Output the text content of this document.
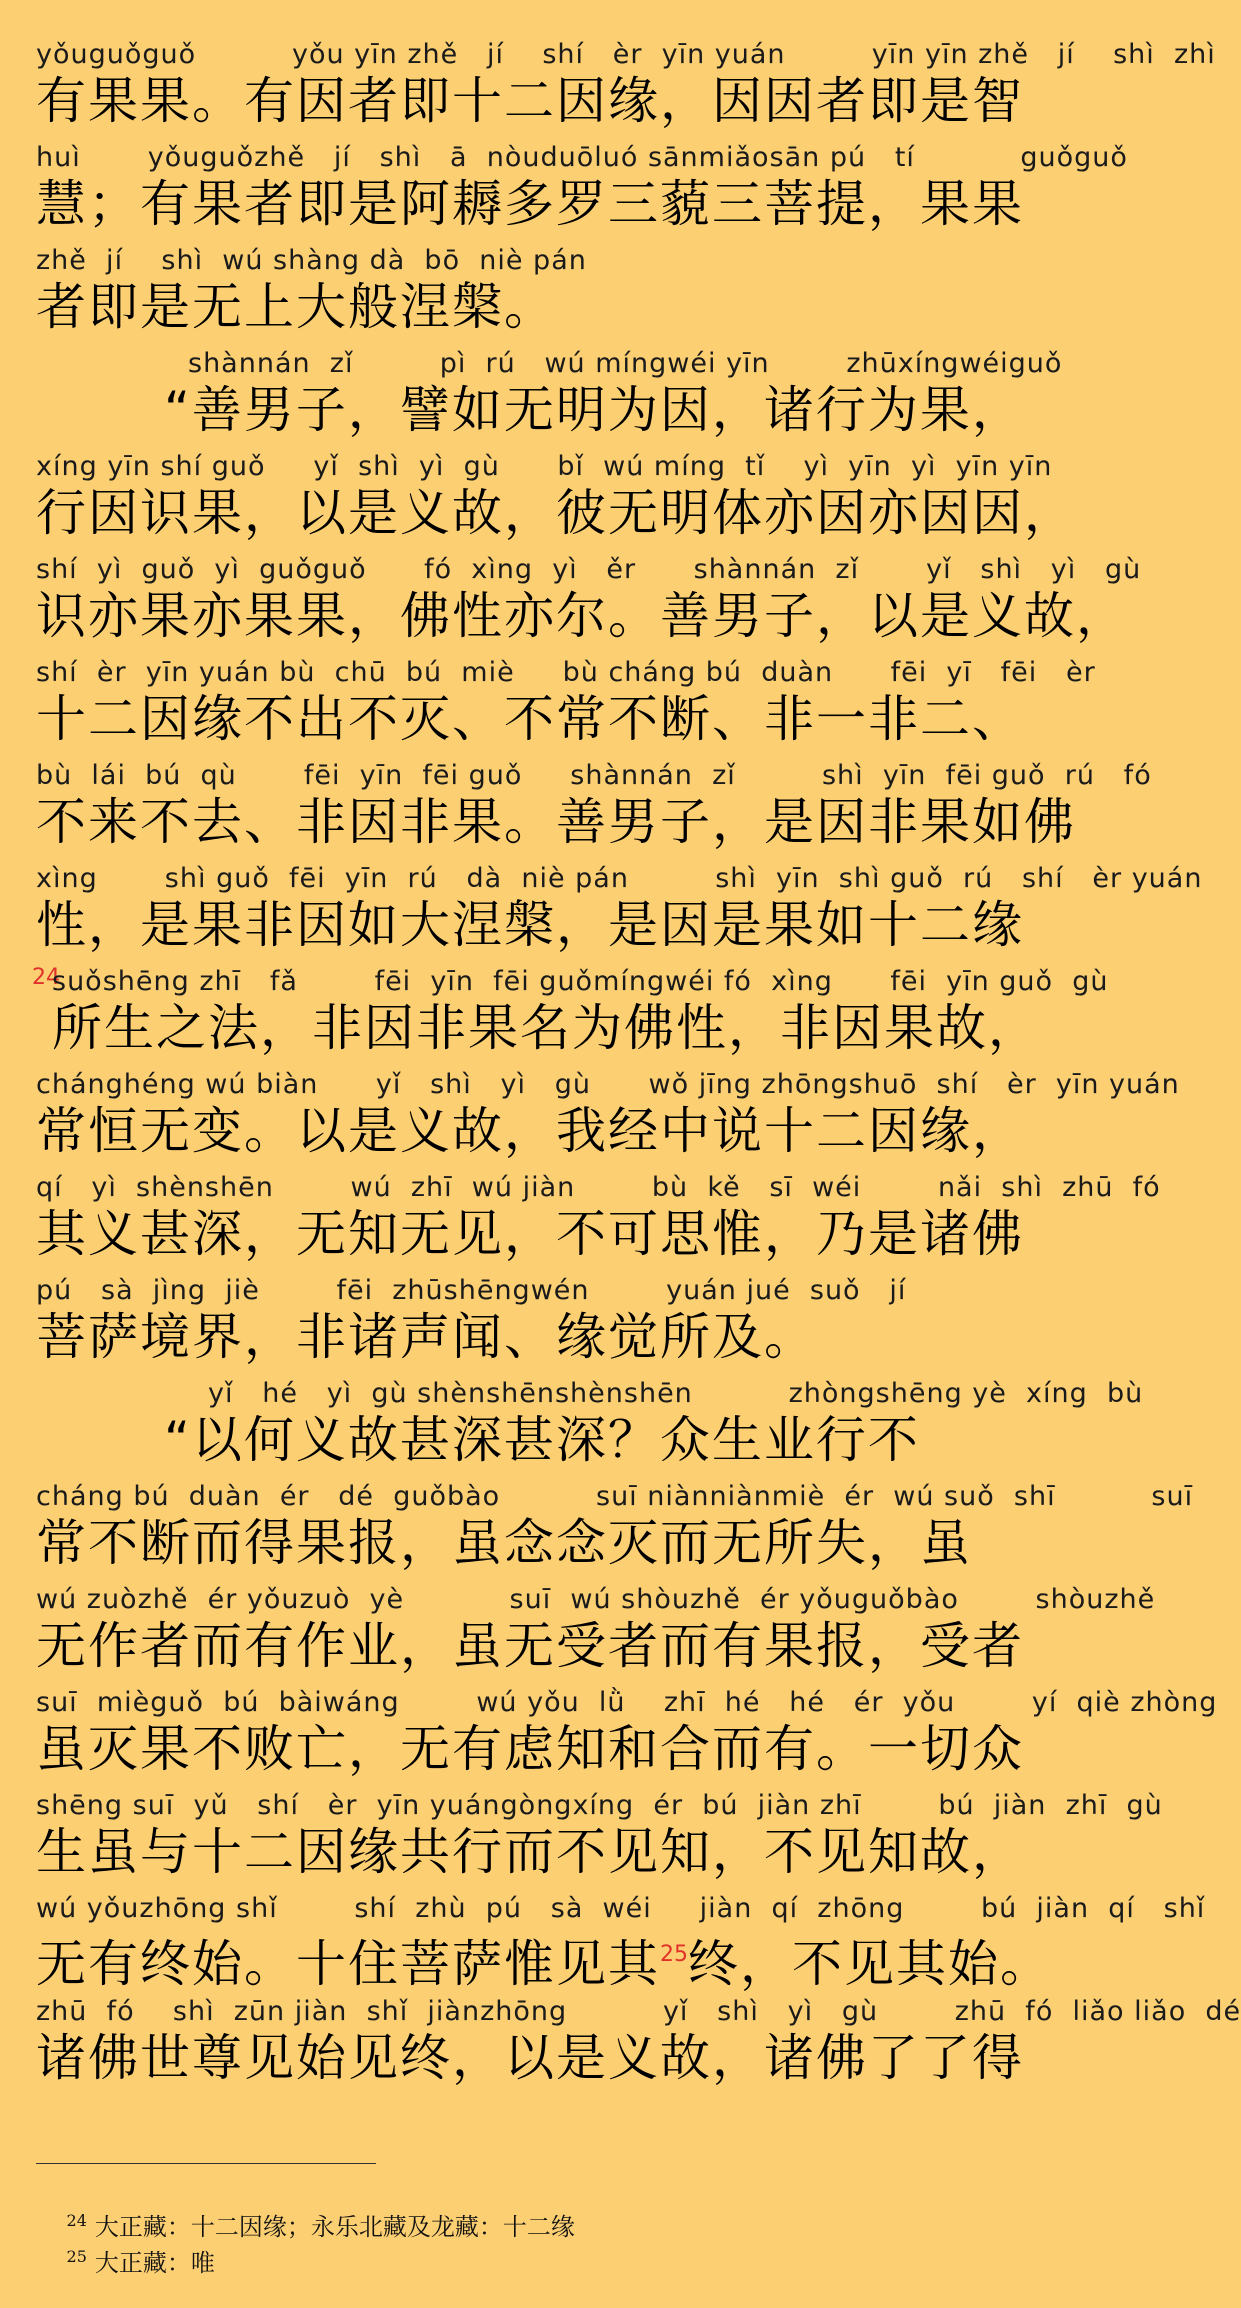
yǒuguǒguǒ          yǒu yīn zhě   jí    shí   èr  yīn yuán         yīn yīn zhě   jí    shì  zhì
有果果。有因者即十二因缘，因因者即是智
huì       yǒuguǒzhě   jí   shì   ā  nòuduōluó sānmiǎosān pú   tí           guǒguǒ
慧；有果者即是阿耨多罗三藐三菩提，果果
zhě  jí    shì  wú shàng dà  bō  niè pán
者即是无上大般涅槃。
shànnán  zǐ         pì  rú   wú míngwéi yīn        zhūxíngwéiguǒ
“善男子，譬如无明为因，诸行为果，
xíng yīn shí guǒ     yǐ  shì  yì  gù      bǐ  wú míng  tǐ    yì  yīn  yì  yīn yīn
行因识果，以是义故，彼无明体亦因亦因因，
shí  yì  guǒ  yì  guǒguǒ      fó  xìng  yì   ěr      shànnán  zǐ       yǐ   shì   yì   gù
识亦果亦果果，佛性亦尔。善男子，以是义故，
shí  èr  yīn yuán bù  chū  bú  miè     bù cháng bú  duàn      fēi  yī   fēi   èr
十二因缘不出不灭、不常不断、非一非二、
bù  lái  bú  qù       fēi  yīn  fēi guǒ     shànnán  zǐ         shì  yīn  fēi guǒ  rú   fó
不来不去、非因非果。善男子，是因非果如佛
xìng       shì guǒ  fēi  yīn  rú   dà  niè pán         shì  yīn  shì guǒ  rú   shí   èr yuán
性，是果非因如大涅槃，是因是果如十二缘
24
suǒshēng zhī   fǎ        fēi  yīn  fēi guǒmíngwéi fó  xìng      fēi  yīn guǒ  gù
所生之法，非因非果名为佛性，非因果故，
chánghéng wú biàn      yǐ   shì   yì   gù      wǒ jīng zhōngshuō  shí   èr  yīn yuán
常恒无变。以是义故，我经中说十二因缘，
qí   yì  shènshēn        wú  zhī  wú jiàn        bù  kě   sī  wéi        nǎi  shì  zhū  fó
其义甚深，无知无见，不可思惟，乃是诸佛
pú   sà  jìng  jiè        fēi  zhūshēngwén        yuán jué  suǒ   jí
菩萨境界，非诸声闻、缘觉所及。
yǐ   hé   yì  gù shènshēnshènshēn          zhòngshēng yè  xíng  bù
“以何义故甚深甚深？众生业行不
cháng bú  duàn  ér   dé  guǒbào          suī niànniànmiè  ér  wú suǒ  shī          suī
常不断而得果报，虽念念灭而无所失，虽
wú zuòzhě  ér yǒuzuò  yè           suī  wú shòuzhě  ér yǒuguǒbào        shòuzhě
无作者而有作业，虽无受者而有果报，受者
suī  mièguǒ  bú  bàiwáng        wú yǒu  lǜ    zhī  hé   hé   ér  yǒu        yí  qiè zhòng
虽灭果不败亡，无有虑知和合而有。一切众
shēng suī  yǔ   shí   èr  yīn yuángòngxíng  ér  bú  jiàn zhī        bú  jiàn  zhī  gù
生虽与十二因缘共行而不见知，不见知故，
wú yǒuzhōng shǐ        shí  zhù  pú   sà  wéi     jiàn  qí  zhōng        bú  jiàn  qí   shǐ
无有终始。十住菩萨惟见其$^{25}$终，不见其始。
zhū  fó    shì  zūn jiàn  shǐ  jiànzhōng          yǐ   shì   yì   gù        zhū  fó  liǎo liǎo  dé
诸佛世尊见始见终，以是义故，诸佛了了得

$^{24}$ 大正藏：十二因缘；永乐北藏及龙藏：十二缘

$^{25}$ 大正藏：唯
